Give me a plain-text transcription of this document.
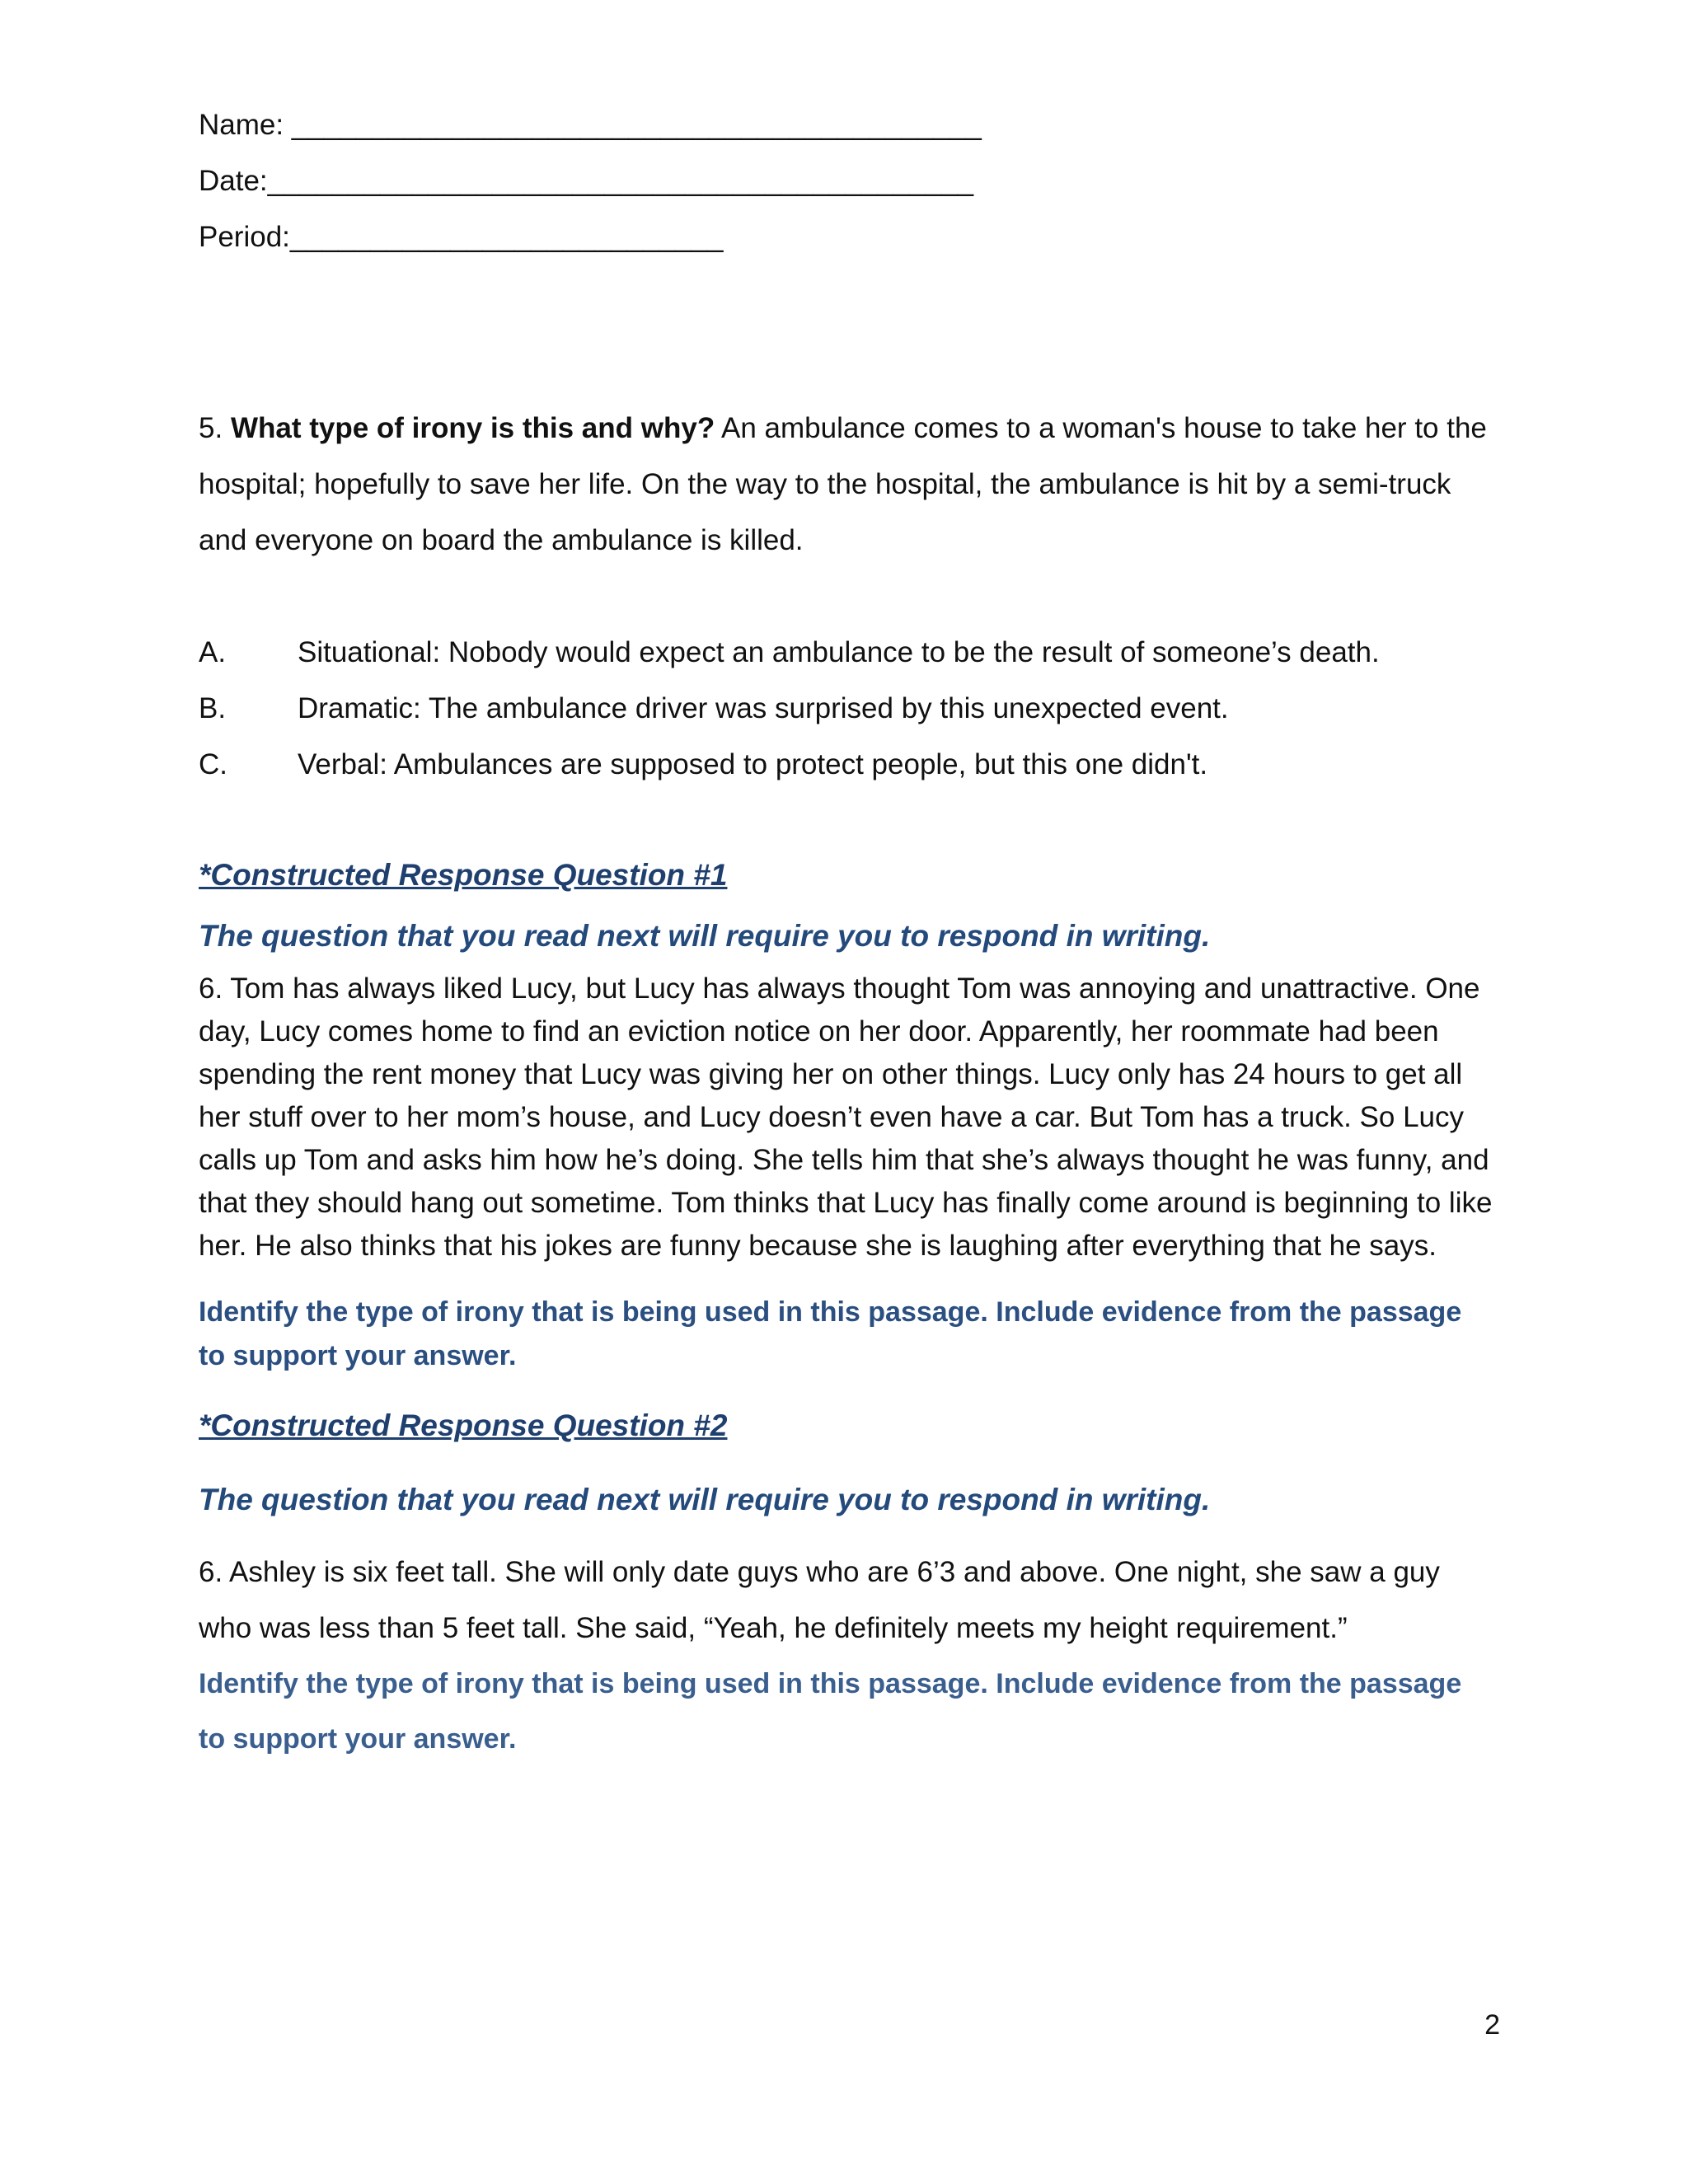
Name: ___________________________________________
Date:____________________________________________
Period:___________________________
5. What type of irony is this and why? An ambulance comes to a woman's house to take her to the hospital; hopefully to save her life. On the way to the hospital, the ambulance is hit by a semi-truck and everyone on board the ambulance is killed.
A.	Situational: Nobody would expect an ambulance to be the result of someone’s death.
B.	Dramatic: The ambulance driver was surprised by this unexpected event.
C.	Verbal: Ambulances are supposed to protect people, but this one didn't.
*Constructed Response Question #1
The question that you read next will require you to respond in writing.
6. Tom has always liked Lucy, but Lucy has always thought Tom was annoying and unattractive. One day, Lucy comes home to find an eviction notice on her door. Apparently, her roommate had been spending the rent money that Lucy was giving her on other things. Lucy only has 24 hours to get all her stuff over to her mom’s house, and Lucy doesn’t even have a car. But Tom has a truck. So Lucy calls up Tom and asks him how he’s doing. She tells him that she’s always thought he was funny, and that they should hang out sometime. Tom thinks that Lucy has finally come around is beginning to like her. He also thinks that his jokes are funny because she is laughing after everything that he says.
Identify the type of irony that is being used in this passage. Include evidence from the passage to support your answer.
*Constructed Response Question #2
The question that you read next will require you to respond in writing.
6. Ashley is six feet tall. She will only date guys who are 6’3 and above. One night, she saw a guy who was less than 5 feet tall. She said, “Yeah, he definitely meets my height requirement.”
Identify the type of irony that is being used in this passage. Include evidence from the passage to support your answer.
2
